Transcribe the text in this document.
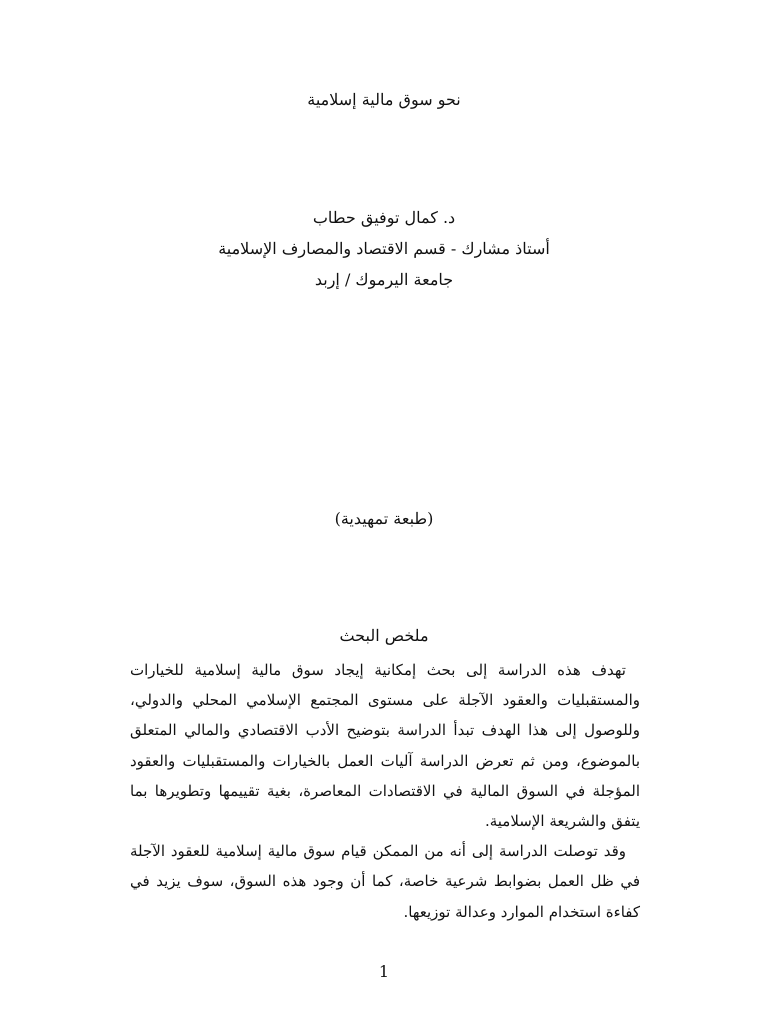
نحو سوق مالية إسلامية
د. كمال توفيق حطاب
أستاذ مشارك - قسم الاقتصاد والمصارف الإسلامية
جامعة اليرموك / إربد
(طبعة تمهيدية)
ملخص البحث

تهدف هذه الدراسة إلى بحث إمكانية إيجاد سوق مالية إسلامية للخيارات والمستقبليات والعقود الآجلة على مستوى المجتمع الإسلامي المحلي والدولي، وللوصول إلى هذا الهدف تبدأ الدراسة بتوضيح الأدب الاقتصادي والمالي المتعلق بالموضوع، ومن ثم تعرض الدراسة آليات العمل بالخيارات والمستقبليات والعقود المؤجلة في السوق المالية في الاقتصادات المعاصرة، بغية تقييمها وتطويرها بما يتفق والشريعة الإسلامية.

وقد توصلت الدراسة إلى أنه من الممكن قيام سوق مالية إسلامية للعقود الآجلة في ظل العمل بضوابط شرعية خاصة، كما أن وجود هذه السوق، سوف يزيد في كفاءة استخدام الموارد وعدالة توزيعها.

1
